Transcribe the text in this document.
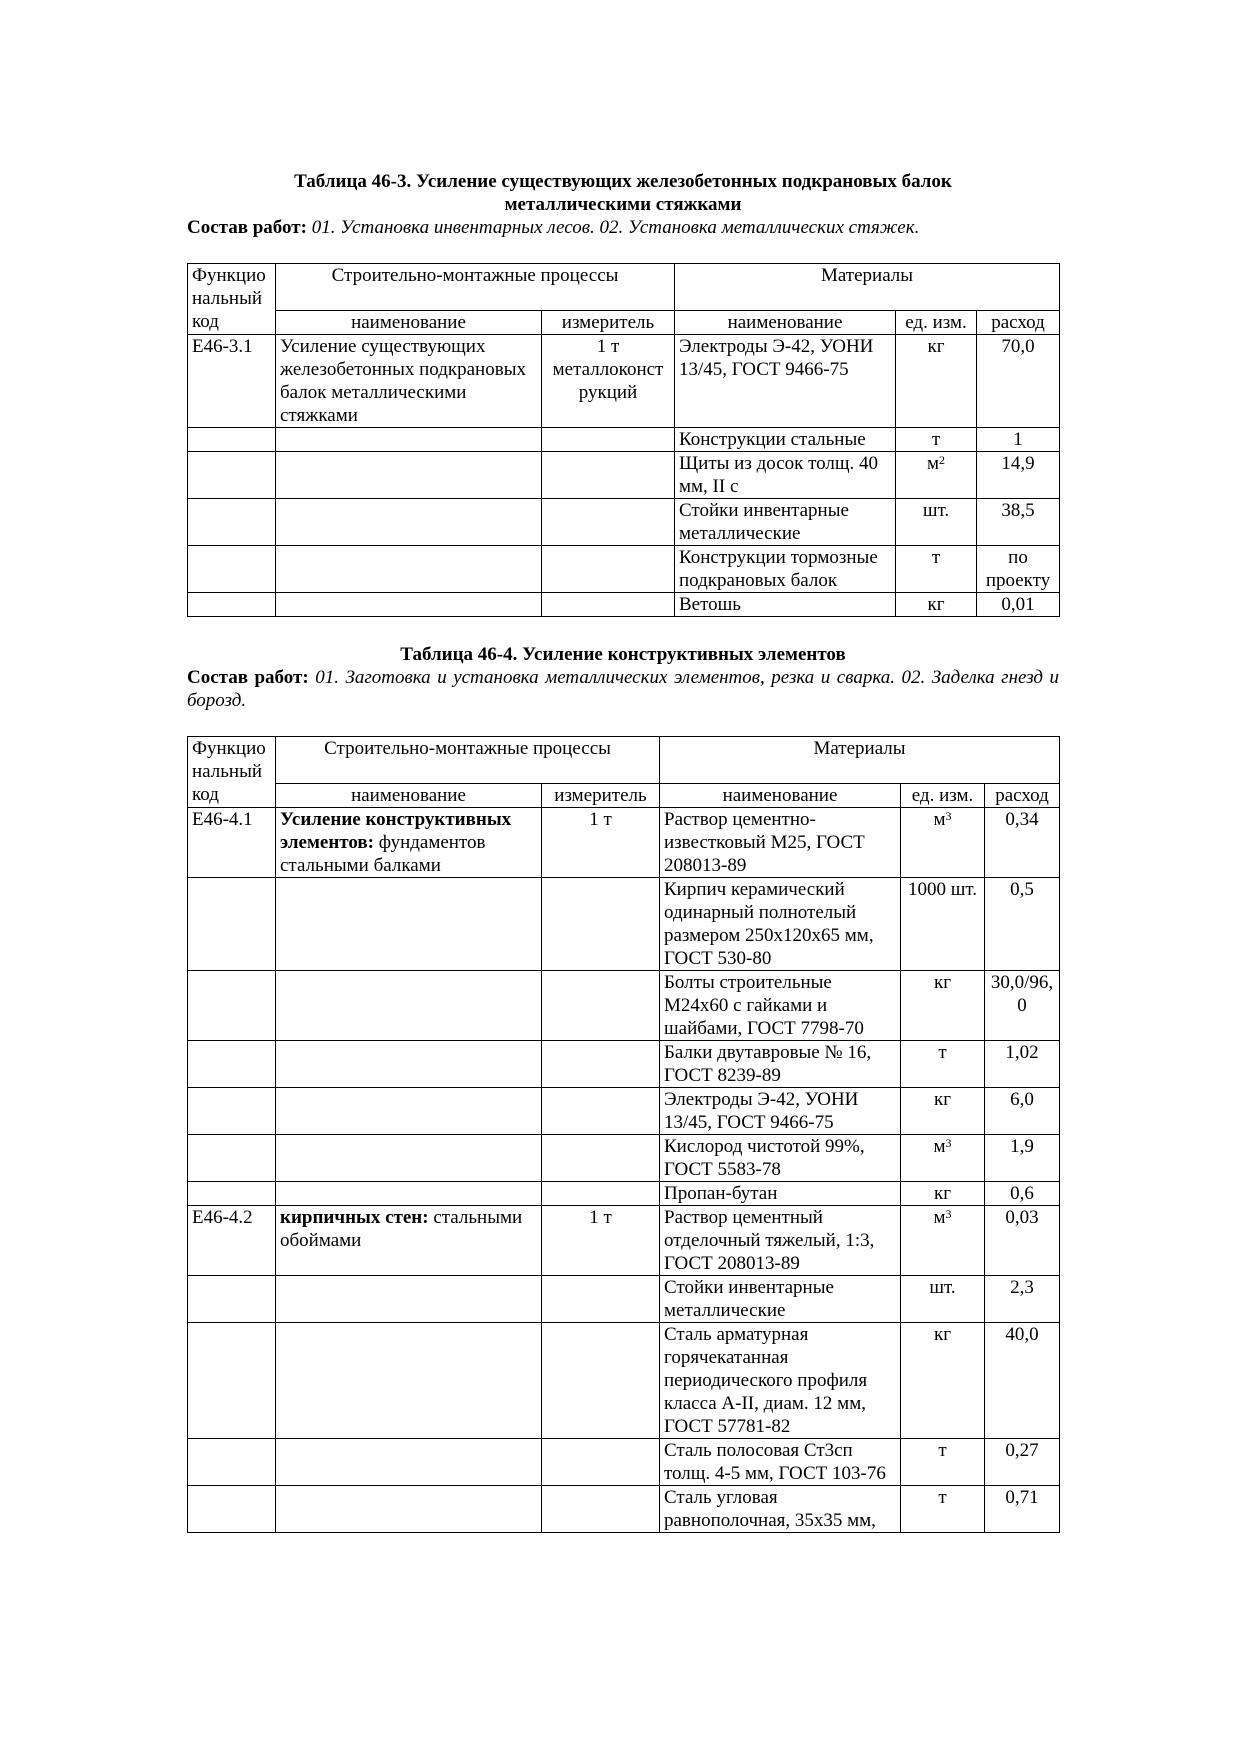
Таблица 46-3. Усиление существующих железобетонных подкрановых балок
металлическими стяжками
Состав работ: 01. Установка инвентарных лесов. 02. Установка металлических стяжек.
Функцио нальный код	Строительно-монтажные процессы		Материалы		
	наименование	измеритель	наименование	ед. изм.	расход
Е46-3.1	Усиление существующих железобетонных подкрановых балок металлическими стяжками	1 т металлоконст рукций	Электроды Э-42, УОНИ 13/45, ГОСТ 9466-75	кг	70,0
			Конструкции стальные	т	1
			Щиты из досок толщ. 40 мм, II с	$м^2$	14,9
			Стойки инвентарные металлические	шт.	38,5
			Конструкции тормозные подкрановых балок	т	по проекту
			Ветошь	кг	0,01
Таблица 46-4. Усиление конструктивных элементов
Состав работ: 01. Заготовка и установка металлических элементов, резка и сварка. 02. Заделка гнезд и борозд.
Функцио нальный код	Строительно-монтажные процессы		Материалы		
	наименование	измеритель	наименование	ед. изм.	расход
Е46-4.1	Усиление конструктивных элементов: фундаментов стальными балками	1 т	Раствор цементно-известковый М25, ГОСТ 208013-89	$м^3$	0,34
			Кирпич керамический одинарный полнотелый размером 250х120х65 мм, ГОСТ 530-80	1000 шт.	0,5
			Болты строительные М24х60 с гайками и шайбами, ГОСТ 7798-70	кг	30,0/96,0
			Балки двутавровые № 16, ГОСТ 8239-89	т	1,02
			Электроды Э-42, УОНИ 13/45, ГОСТ 9466-75	кг	6,0
			Кислород чистотой 99%, ГОСТ 5583-78	$м^3$	1,9
			Пропан-бутан	кг	0,6
Е46-4.2	кирпичных стен: стальными обоймами	1 т	Раствор цементный отделочный тяжелый, 1:3, ГОСТ 208013-89	$м^3$	0,03
			Стойки инвентарные металлические	шт.	2,3
			Сталь арматурная горячекатанная периодического профиля класса А-II, диам. 12 мм, ГОСТ 57781-82	кг	40,0
			Сталь полосовая Ст3сп толщ. 4-5 мм, ГОСТ 103-76	т	0,27
			Сталь угловая равнополочная, 35х35 мм,	т	0,71
